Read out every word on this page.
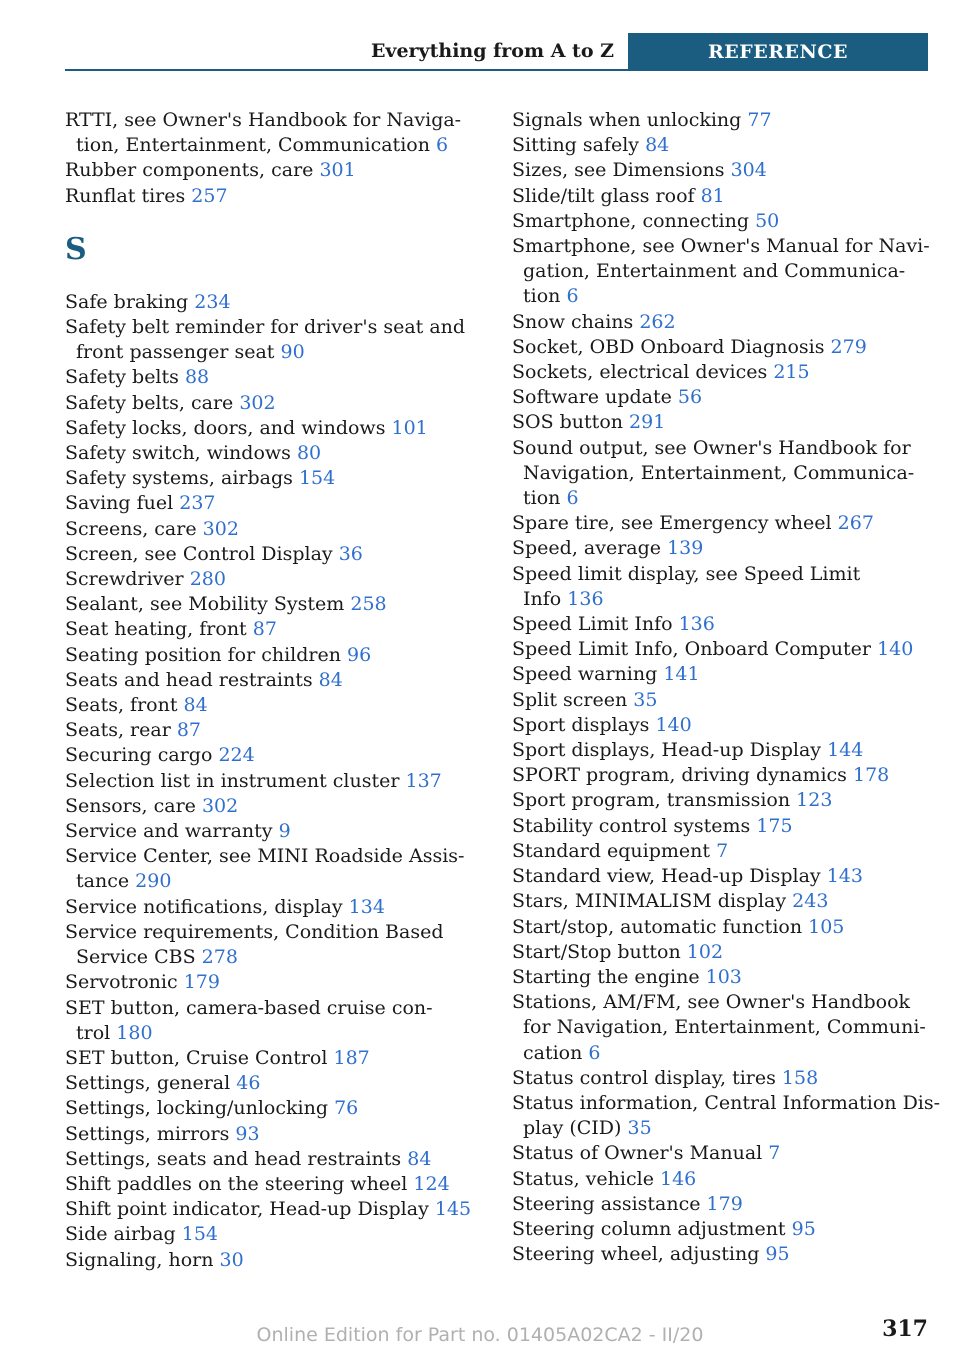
Everything from A to Z	REFERENCE

RTTI, see Owner's Handbook for Naviga-
tion, Entertainment, Communication 6

Rubber components, care 301

Runflat tires 257

S

Safe braking 234

Safety belt reminder for driver's seat and
front passenger seat 90

Safety belts 88

Safety belts, care 302

Safety locks, doors, and windows 101

Safety switch, windows 80

Safety systems, airbags 154

Saving fuel 237

Screens, care 302

Screen, see Control Display 36

Screwdriver 280

Sealant, see Mobility System 258

Seat heating, front 87

Seating position for children 96

Seats and head restraints 84

Seats, front 84

Seats, rear 87

Securing cargo 224

Selection list in instrument cluster 137

Sensors, care 302

Service and warranty 9

Service Center, see MINI Roadside Assis-
tance 290

Service notifications, display 134

Service requirements, Condition Based
Service CBS 278

Servotronic 179

SET button, camera-based cruise con-
trol 180

SET button, Cruise Control 187

Settings, general 46

Settings, locking/unlocking 76

Settings, mirrors 93

Settings, seats and head restraints 84

Shift paddles on the steering wheel 124

Shift point indicator, Head-up Display 145

Side airbag 154

Signaling, horn 30

Signals when unlocking 77

Sitting safely 84

Sizes, see Dimensions 304

Slide/tilt glass roof 81

Smartphone, connecting 50

Smartphone, see Owner's Manual for Navi-
gation, Entertainment and Communica-
tion 6

Snow chains 262

Socket, OBD Onboard Diagnosis 279

Sockets, electrical devices 215

Software update 56

SOS button 291

Sound output, see Owner's Handbook for
Navigation, Entertainment, Communica-
tion 6

Spare tire, see Emergency wheel 267

Speed, average 139

Speed limit display, see Speed Limit
Info 136

Speed Limit Info 136

Speed Limit Info, Onboard Computer 140

Speed warning 141

Split screen 35

Sport displays 140

Sport displays, Head-up Display 144

SPORT program, driving dynamics 178

Sport program, transmission 123

Stability control systems 175

Standard equipment 7

Standard view, Head-up Display 143

Stars, MINIMALISM display 243

Start/stop, automatic function 105

Start/Stop button 102

Starting the engine 103

Stations, AM/FM, see Owner's Handbook
for Navigation, Entertainment, Communi-
cation 6

Status control display, tires 158

Status information, Central Information Dis-
play (CID) 35

Status of Owner's Manual 7

Status, vehicle 146

Steering assistance 179

Steering column adjustment 95

Steering wheel, adjusting 95

317
Online Edition for Part no. 01405A02CA2 - II/20
